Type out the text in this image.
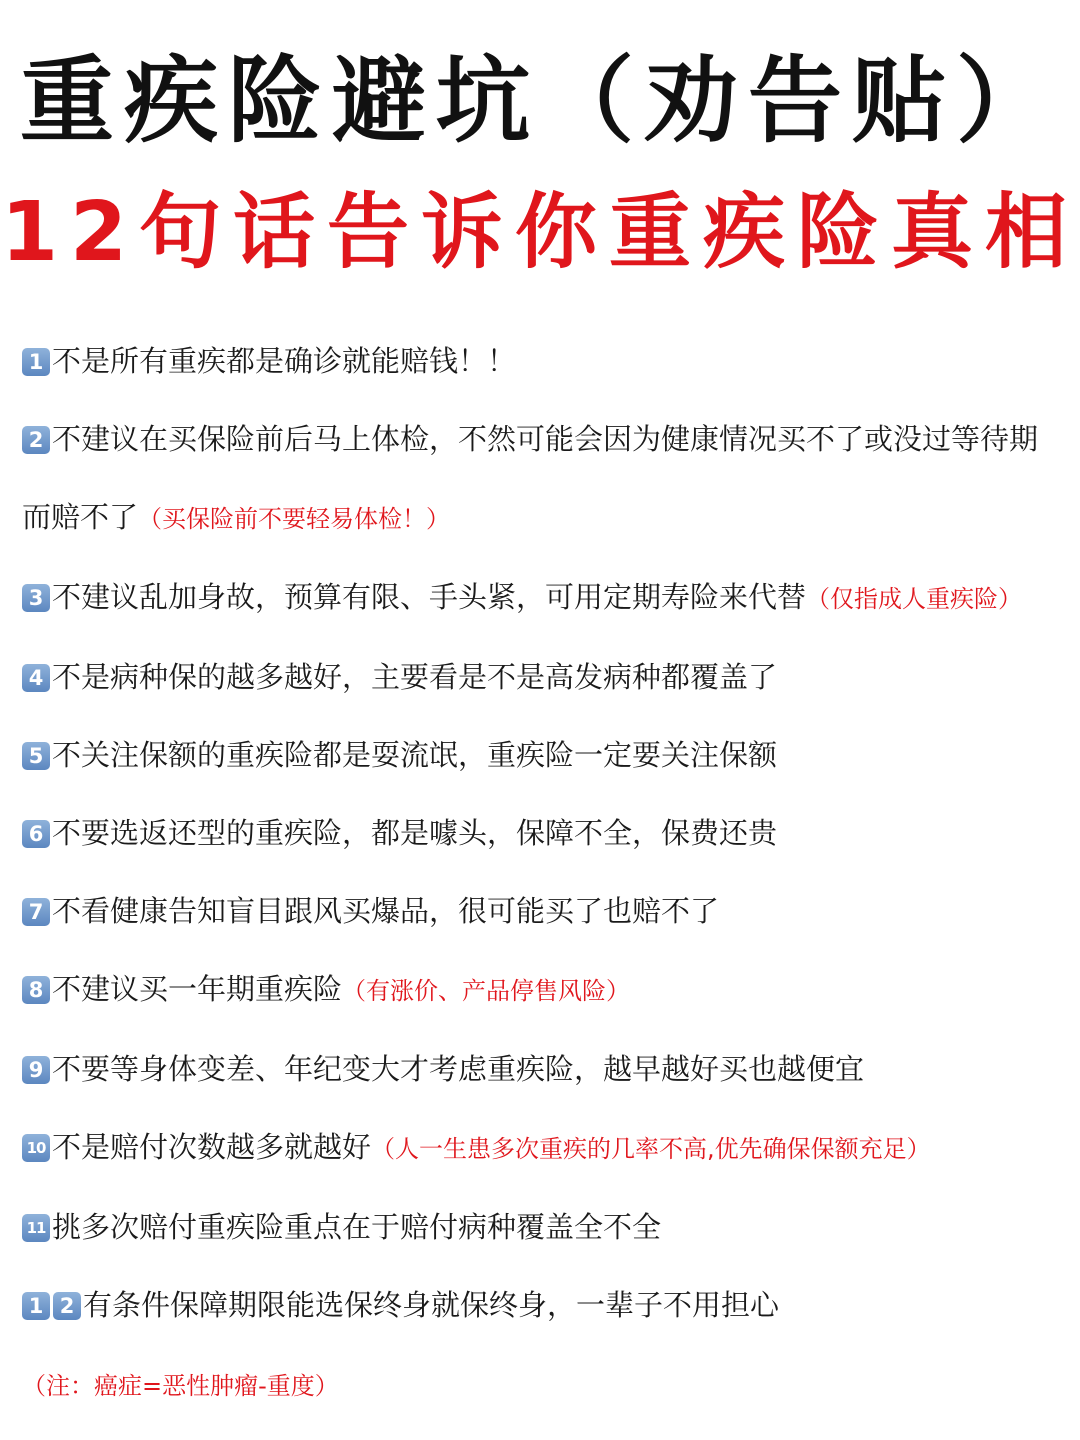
重疾险避坑（劝告贴）
12句话告诉你重疾险真相
1 不是所有重疾都是确诊就能赔钱！！
2 不建议在买保险前后马上体检，不然可能会因为健康情况买不了或没过等待期而赔不了（买保险前不要轻易体检！）
3 不建议乱加身故，预算有限、手头紧，可用定期寿险来代替（仅指成人重疾险）
4 不是病种保的越多越好，主要看是不是高发病种都覆盖了
5 不关注保额的重疾险都是耍流氓，重疾险一定要关注保额
6 不要选返还型的重疾险，都是噱头，保障不全，保费还贵
7 不看健康告知盲目跟风买爆品，很可能买了也赔不了
8 不建议买一年期重疾险（有涨价、产品停售风险）
9 不要等身体变差、年纪变大才考虑重疾险，越早越好买也越便宜
10 不是赔付次数越多就越好（人一生患多次重疾的几率不高,优先确保保额充足）
11 挑多次赔付重疾险重点在于赔付病种覆盖全不全
1 2 有条件保障期限能选保终身就保终身，一辈子不用担心
（注：癌症=恶性肿瘤-重度）
